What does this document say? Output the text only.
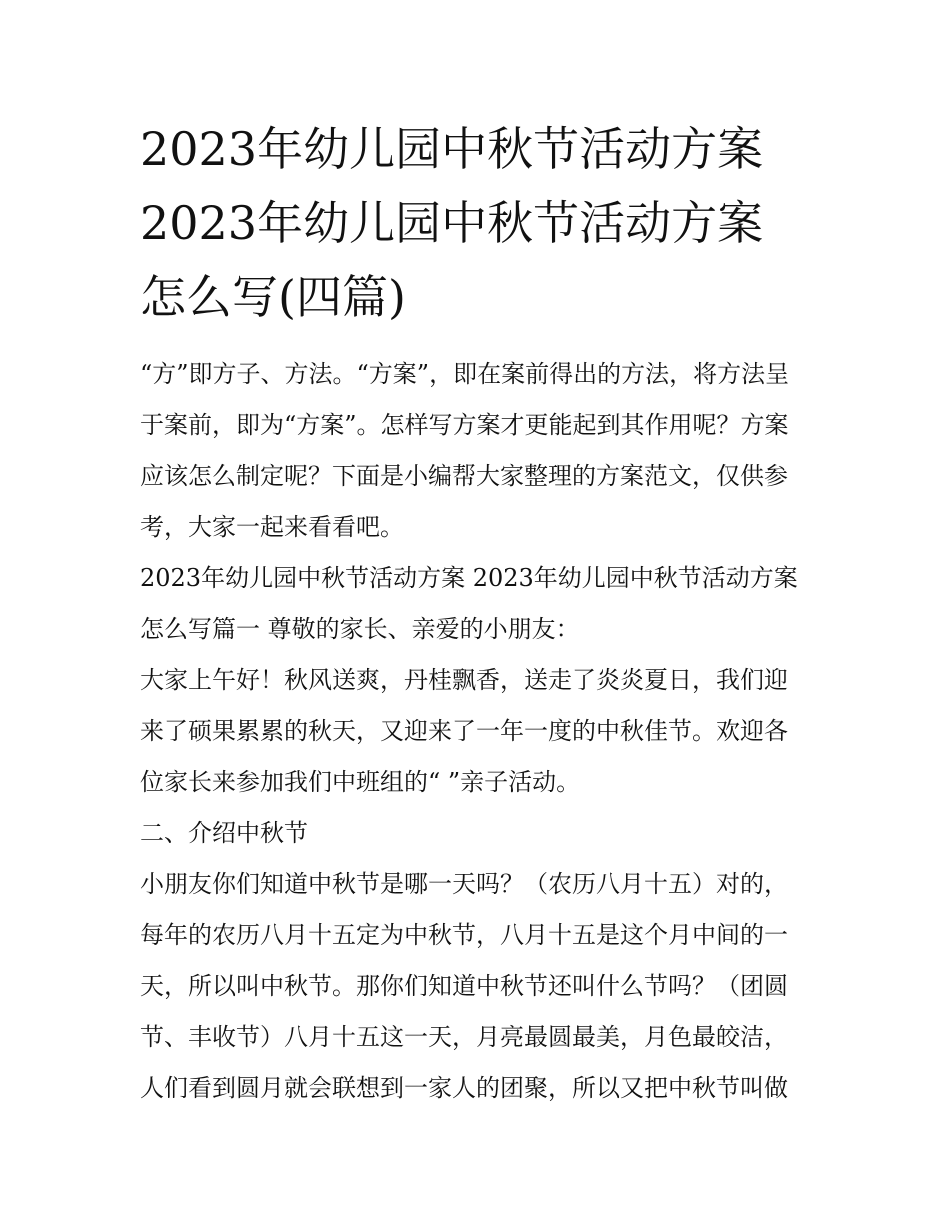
2023年幼儿园中秋节活动方案
2023年幼儿园中秋节活动方案
怎么写(四篇)

“方”即方子、方法。“方案”，即在案前得出的方法，将方法呈
于案前，即为“方案”。怎样写方案才更能起到其作用呢？方案
应该怎么制定呢？下面是小编帮大家整理的方案范文，仅供参
考，大家一起来看看吧。

2023年幼儿园中秋节活动方案 2023年幼儿园中秋节活动方案
怎么写篇一 尊敬的家长、亲爱的小朋友：

大家上午好！秋风送爽，丹桂飘香，送走了炎炎夏日，我们迎
来了硕果累累的秋天，又迎来了一年一度的中秋佳节。欢迎各
位家长来参加我们中班组的“ ”亲子活动。

二、介绍中秋节

小朋友你们知道中秋节是哪一天吗？（农历八月十五）对的，
每年的农历八月十五定为中秋节，八月十五是这个月中间的一
天，所以叫中秋节。那你们知道中秋节还叫什么节吗？（团圆
节、丰收节）八月十五这一天，月亮最圆最美，月色最皎洁，
人们看到圆月就会联想到一家人的团聚，所以又把中秋节叫做
